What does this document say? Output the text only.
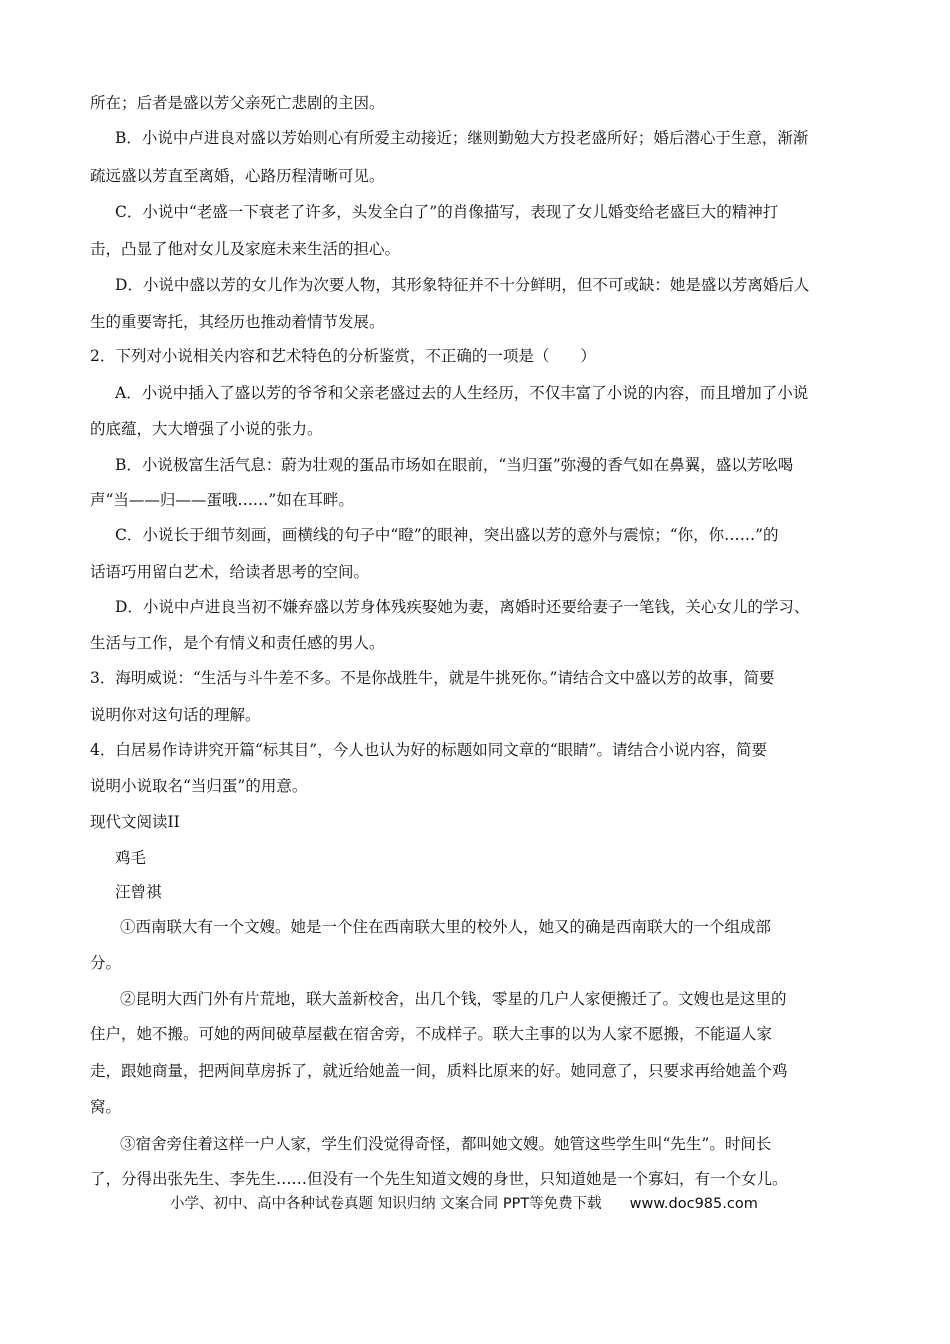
所在；后者是盛以芳父亲死亡悲剧的主因。
B．小说中卢进良对盛以芳始则心有所爱主动接近；继则勤勉大方投老盛所好；婚后潜心于生意，渐渐
疏远盛以芳直至离婚，心路历程清晰可见。
C．小说中“老盛一下衰老了许多，头发全白了”的肖像描写，表现了女儿婚变给老盛巨大的精神打
击，凸显了他对女儿及家庭未来生活的担心。
D．小说中盛以芳的女儿作为次要人物，其形象特征并不十分鲜明，但不可或缺：她是盛以芳离婚后人
生的重要寄托，其经历也推动着情节发展。
2．下列对小说相关内容和艺术特色的分析鉴赏，不正确的一项是（　　）
A．小说中插入了盛以芳的爷爷和父亲老盛过去的人生经历，不仅丰富了小说的内容，而且增加了小说
的底蕴，大大增强了小说的张力。
B．小说极富生活气息：蔚为壮观的蛋品市场如在眼前，“当归蛋”弥漫的香气如在鼻翼，盛以芳吆喝
声“当——归——蛋哦……”如在耳畔。
C．小说长于细节刻画，画横线的句子中“瞪”的眼神，突出盛以芳的意外与震惊；“你，你……”的
话语巧用留白艺术，给读者思考的空间。
D．小说中卢进良当初不嫌弃盛以芳身体残疾娶她为妻，离婚时还要给妻子一笔钱，关心女儿的学习、
生活与工作，是个有情义和责任感的男人。
3．海明威说：“生活与斗牛差不多。不是你战胜牛，就是牛挑死你。”请结合文中盛以芳的故事，简要
说明你对这句话的理解。
4．白居易作诗讲究开篇“标其目”，今人也认为好的标题如同文章的“眼睛”。请结合小说内容，简要
说明小说取名“当归蛋”的用意。
现代文阅读II
鸡毛
汪曾祺
①西南联大有一个文嫂。她是一个住在西南联大里的校外人，她又的确是西南联大的一个组成部
分。
②昆明大西门外有片荒地，联大盖新校舍，出几个钱，零星的几户人家便搬迁了。文嫂也是这里的
住户，她不搬。可她的两间破草屋截在宿舍旁，不成样子。联大主事的以为人家不愿搬，不能逼人家
走，跟她商量，把两间草房拆了，就近给她盖一间，质料比原来的好。她同意了，只要求再给她盖个鸡
窝。
③宿舍旁住着这样一户人家，学生们没觉得奇怪，都叫她文嫂。她管这些学生叫“先生”。时间长
了，分得出张先生、李先生……但没有一个先生知道文嫂的身世，只知道她是一个寡妇，有一个女儿。
小学、初中、高中各种试卷真题 知识归纳 文案合同 PPT等免费下载 www.doc985.com
